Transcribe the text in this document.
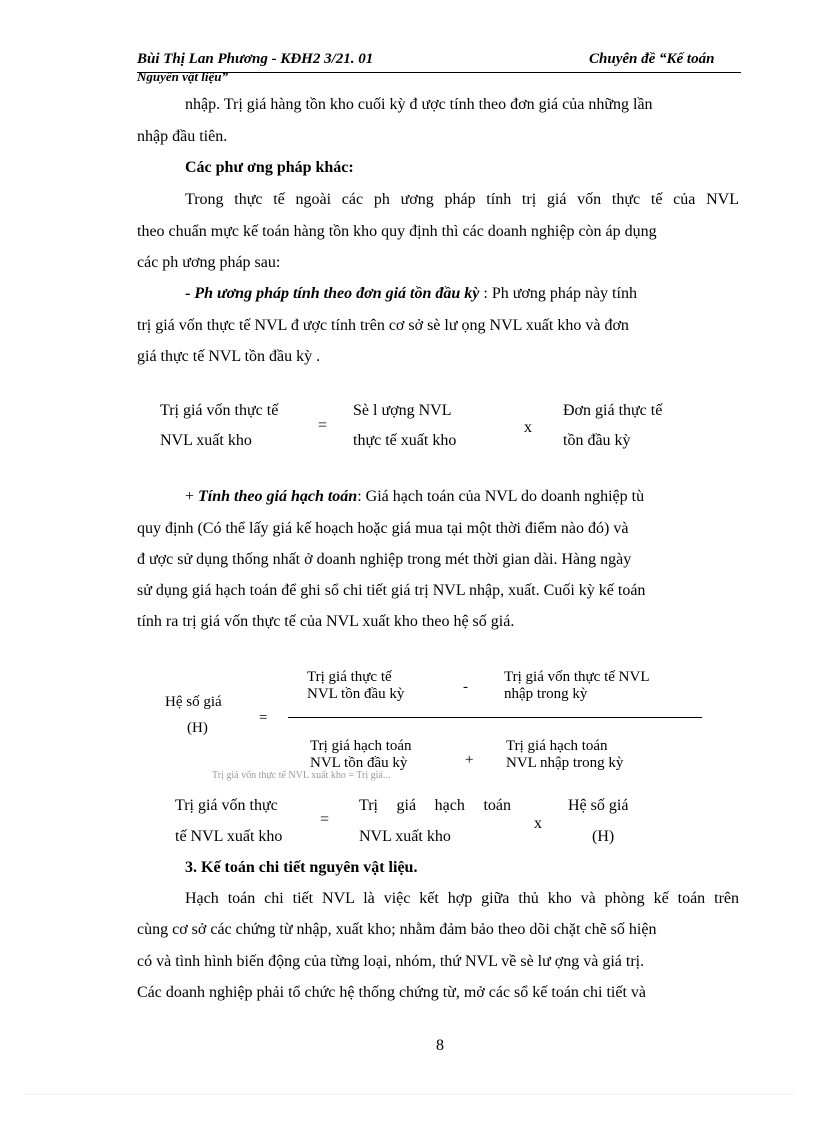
Bùi Thị Lan Phương - KĐH2 3/21. 01	Chuyên đề “Kế toán
Nguyên vật liệu”
nhập. Trị giá hàng tồn kho cuối kỳ đ ược tính theo đơn giá của những lần
nhập đầu tiên.
Các phư ơng pháp khác:
Trong thực tế ngoài các ph ương pháp tính trị giá vốn thực tế của NVL
theo chuẩn mực kế toán hàng tồn kho quy định thì các doanh nghiệp còn áp dụng
các ph ương pháp sau:
- Ph ương pháp tính theo đơn giá tồn đầu kỳ : Ph ương pháp này tính
trị giá vốn thực tế NVL đ ược tính trên cơ sở sè lư ọng NVL xuất kho và đơn
giá thực tế NVL tồn đầu kỳ .
Trị giá vốn thực tế
NVL xuất kho
=
Sè l ượng NVL
thực tế xuất kho
x
Đơn giá thực tế
tồn đầu kỳ
+ Tính theo giá hạch toán: Giá hạch toán của NVL do doanh nghiệp tù
quy định (Có thể lấy giá kế hoạch hoặc giá mua tại một thời điểm nào đó) và
đ ược sử dụng thống nhất ở doanh nghiệp trong mét thời gian dài. Hàng ngày
sử dụng giá hạch toán để ghi sổ chi tiết giá trị NVL nhập, xuất. Cuối kỳ kế toán
tính ra trị giá vốn thực tế của NVL xuất kho theo hệ số giá.
Hệ số giá
(H)
=
Trị giá thực tế
NVL tồn đầu kỳ	-
Trị giá vốn thực tế NVL
nhập trong kỳ
Trị giá hạch toán
NVL tồn đầu kỳ	+
Trị giá hạch toán
NVL nhập trong kỳ
Trị giá vốn thực tế NVL xuất kho = Trị giá...
Trị giá vốn thực
tế NVL xuất kho
=
Trị giá hạch toán
NVL xuất kho
x
Hệ số giá
(H)
3. Kế toán chi tiết nguyên vật liệu.
Hạch toán chi tiết NVL là việc kết hợp giữa thủ kho và phòng kế toán trên
cùng cơ sở các chứng từ nhập, xuất kho; nhằm đảm bảo theo dõi chặt chẽ số hiện
có và tình hình biến động của từng loại, nhóm, thứ NVL về sè lư ợng và giá trị.
Các doanh nghiệp phải tổ chức hệ thống chứng từ, mở các sổ kế toán chi tiết và
8
